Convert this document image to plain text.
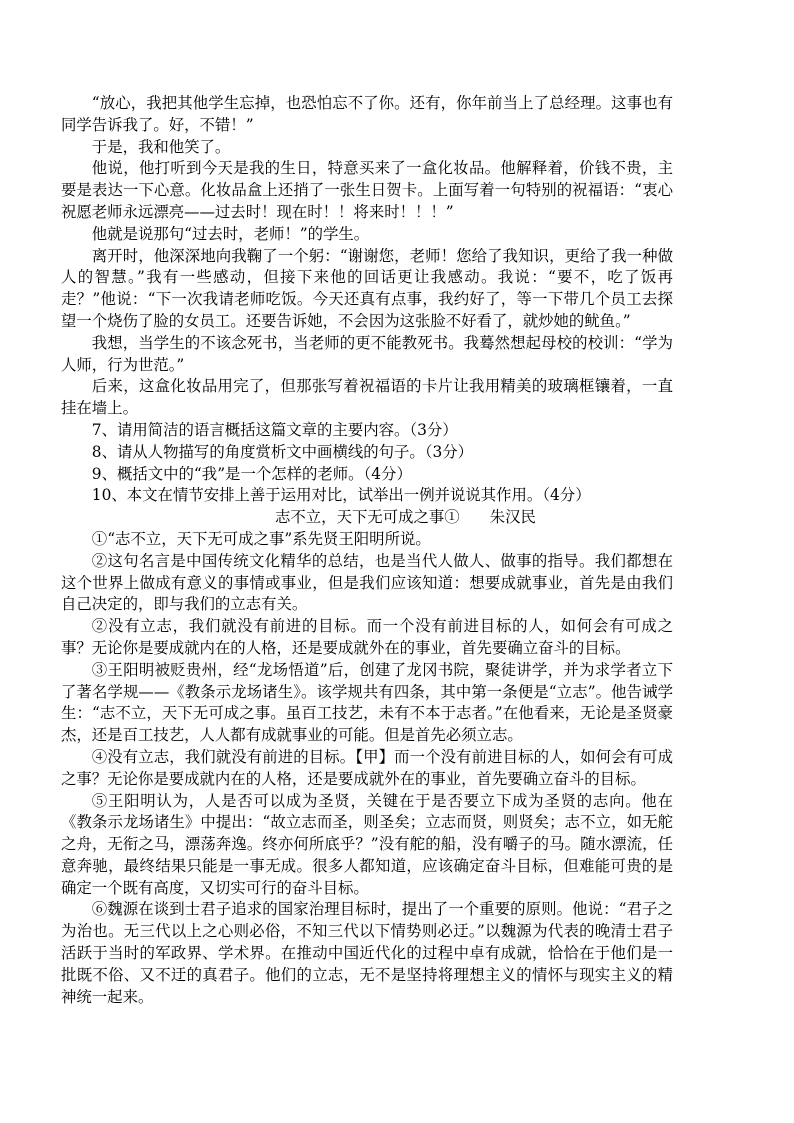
“放心，我把其他学生忘掉，也恐怕忘不了你。还有，你年前当上了总经理。这事也有同学告诉我了。好，不错！”

于是，我和他笑了。

他说，他打听到今天是我的生日，特意买来了一盒化妆品。他解释着，价钱不贵，主要是表达一下心意。化妆品盒上还捎了一张生日贺卡。上面写着一句特别的祝福语：“衷心祝愿老师永远漂亮——过去时！现在时！！将来时！！！”

他就是说那句“过去时，老师！”的学生。

离开时，他深深地向我鞠了一个躬：“谢谢您，老师！您给了我知识，更给了我一种做人的智慧。”我有一些感动，但接下来他的回话更让我感动。我说：“要不，吃了饭再走？”他说：“下一次我请老师吃饭。今天还真有点事，我约好了，等一下带几个员工去探望一个烧伤了脸的女员工。还要告诉她，不会因为这张脸不好看了，就炒她的鱿鱼。”

我想，当学生的不该念死书，当老师的更不能教死书。我蓦然想起母校的校训：“学为人师，行为世范。”

后来，这盒化妆品用完了，但那张写着祝福语的卡片让我用精美的玻璃框镶着，一直挂在墙上。

7、请用简洁的语言概括这篇文章的主要内容。（3分）

8、请从人物描写的角度赏析文中画横线的句子。（3分）

9、概括文中的“我”是一个怎样的老师。（4分）

10、本文在情节安排上善于运用对比，试举出一例并说说其作用。（4分）

志不立，天下无可成之事① 朱汉民

①“志不立，天下无可成之事”系先贤王阳明所说。

②这句名言是中国传统文化精华的总结，也是当代人做人、做事的指导。我们都想在这个世界上做成有意义的事情或事业，但是我们应该知道：想要成就事业，首先是由我们自己决定的，即与我们的立志有关。

②没有立志，我们就没有前进的目标。而一个没有前进目标的人，如何会有可成之事？无论你是要成就内在的人格，还是要成就外在的事业，首先要确立奋斗的目标。

③王阳明被贬贵州，经“龙场悟道”后，创建了龙冈书院，聚徒讲学，并为求学者立下了著名学规——《教条示龙场诸生》。该学规共有四条，其中第一条便是“立志”。他告诫学生：“志不立，天下无可成之事。虽百工技艺，未有不本于志者。”在他看来，无论是圣贤豪杰，还是百工技艺，人人都有成就事业的可能。但是首先必须立志。

④没有立志，我们就没有前进的目标。【甲】而一个没有前进目标的人，如何会有可成之事？无论你是要成就内在的人格，还是要成就外在的事业，首先要确立奋斗的目标。

⑤王阳明认为，人是否可以成为圣贤，关键在于是否要立下成为圣贤的志向。他在《教条示龙场诸生》中提出：“故立志而圣，则圣矣；立志而贤，则贤矣；志不立，如无舵之舟，无衔之马，漂荡奔逸。终亦何所底乎？”没有舵的船，没有嚼子的马。随水漂流，任意奔驰，最终结果只能是一事无成。很多人都知道，应该确定奋斗目标，但难能可贵的是确定一个既有高度，又切实可行的奋斗目标。

⑥魏源在谈到士君子追求的国家治理目标时，提出了一个重要的原则。他说：“君子之为治也。无三代以上之心则必俗，不知三代以下情势则必迂。”以魏源为代表的晚清士君子活跃于当时的军政界、学术界。在推动中国近代化的过程中卓有成就，恰恰在于他们是一批既不俗、又不迂的真君子。他们的立志，无不是坚持将理想主义的情怀与现实主义的精神统一起来。
